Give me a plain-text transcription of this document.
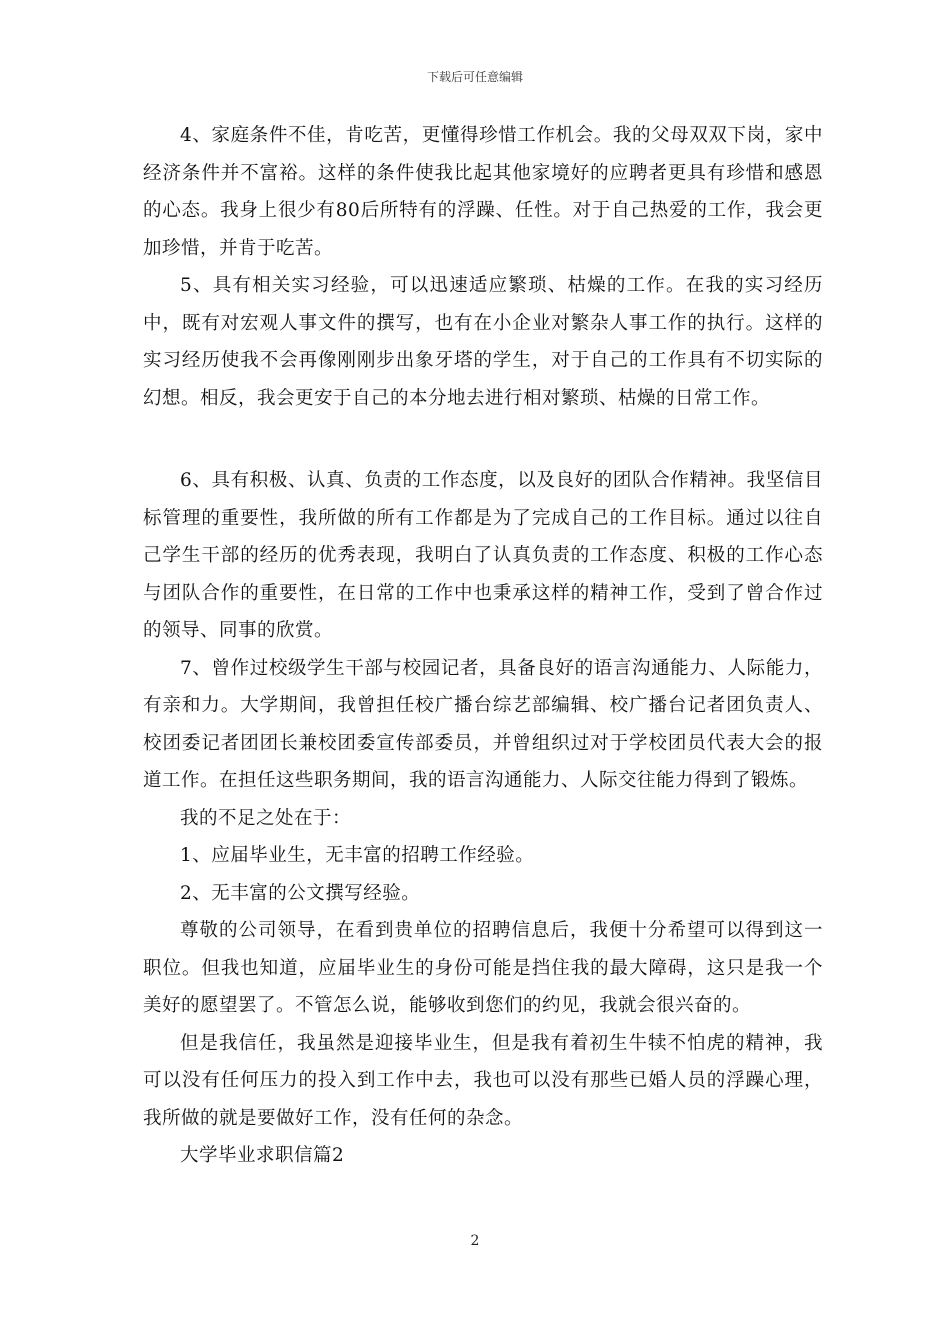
下载后可任意编辑

4、家庭条件不佳，肯吃苦，更懂得珍惜工作机会。我的父母双双下岗，家中经济条件并不富裕。这样的条件使我比起其他家境好的应聘者更具有珍惜和感恩的心态。我身上很少有80后所特有的浮躁、任性。对于自己热爱的工作，我会更加珍惜，并肯于吃苦。

5、具有相关实习经验，可以迅速适应繁琐、枯燥的工作。在我的实习经历中，既有对宏观人事文件的撰写，也有在小企业对繁杂人事工作的执行。这样的实习经历使我不会再像刚刚步出象牙塔的学生，对于自己的工作具有不切实际的幻想。相反，我会更安于自己的本分地去进行相对繁琐、枯燥的日常工作。

6、具有积极、认真、负责的工作态度，以及良好的团队合作精神。我坚信目标管理的重要性，我所做的所有工作都是为了完成自己的工作目标。通过以往自己学生干部的经历的优秀表现，我明白了认真负责的工作态度、积极的工作心态与团队合作的重要性，在日常的工作中也秉承这样的精神工作，受到了曾合作过的领导、同事的欣赏。

7、曾作过校级学生干部与校园记者，具备良好的语言沟通能力、人际能力，有亲和力。大学期间，我曾担任校广播台综艺部编辑、校广播台记者团负责人、校团委记者团团长兼校团委宣传部委员，并曾组织过对于学校团员代表大会的报道工作。在担任这些职务期间，我的语言沟通能力、人际交往能力得到了锻炼。

我的不足之处在于：

1、应届毕业生，无丰富的招聘工作经验。

2、无丰富的公文撰写经验。

尊敬的公司领导，在看到贵单位的招聘信息后，我便十分希望可以得到这一职位。但我也知道，应届毕业生的身份可能是挡住我的最大障碍，这只是我一个美好的愿望罢了。不管怎么说，能够收到您们的约见，我就会很兴奋的。

但是我信任，我虽然是迎接毕业生，但是我有着初生牛犊不怕虎的精神，我可以没有任何压力的投入到工作中去，我也可以没有那些已婚人员的浮躁心理，我所做的就是要做好工作，没有任何的杂念。

大学毕业求职信篇2

2
